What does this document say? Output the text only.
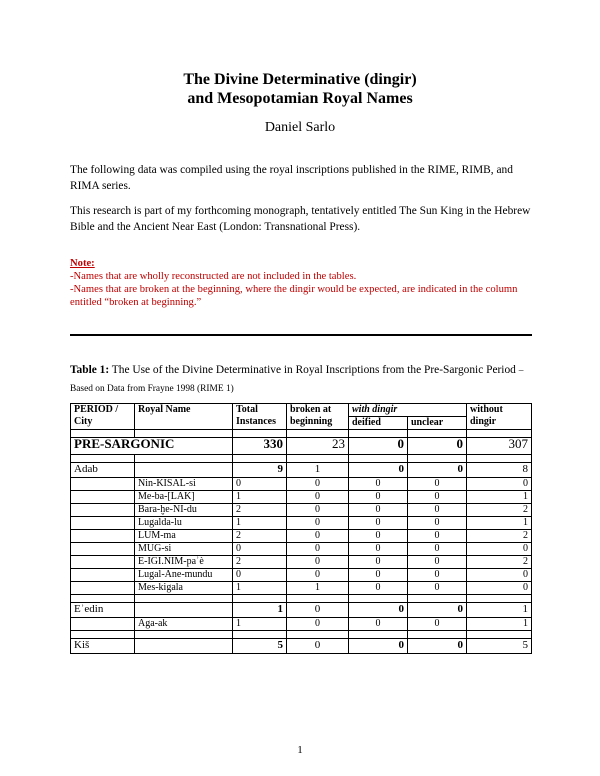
The Divine Determinative (dingir)
and Mesopotamian Royal Names
Daniel Sarlo
The following data was compiled using the royal inscriptions published in the RIME, RIMB, and RIMA series.
This research is part of my forthcoming monograph, tentatively entitled The Sun King in the Hebrew Bible and the Ancient Near East (London: Transnational Press).
Note:
-Names that are wholly reconstructed are not included in the tables.
-Names that are broken at the beginning, where the dingir would be expected, are indicated in the column entitled “broken at beginning.”
Table 1: The Use of the Divine Determinative in Royal Inscriptions from the Pre-Sargonic Period – Based on Data from Frayne 1998 (RIME 1)
PERIOD / City	Royal Name	Total Instances	broken at beginning	with dingir		without dingir
				deified	unclear	

PRE-SARGONIC		330	23	0	0	307

Adab		9	1	0	0	8
	Nin-KISAL-si	0	0	0	0	0
	Me-ba-[LAK]	1	0	0	0	1
	Bara-ḫe-NI-du	2	0	0	0	2
	Lugalda-lu	1	0	0	0	1
	LUM-ma	2	0	0	0	2
	MUG-si	0	0	0	0	0
	E-IGI.NIM-paʾè	2	0	0	0	2
	Lugal-Ane-mundu	0	0	0	0	0
	Mes-kigala	1	1	0	0	0

Eʾedin		1	0	0	0	1
	Aga-ak	1	0	0	0	1

Kiš		5	0	0	0	5
1
